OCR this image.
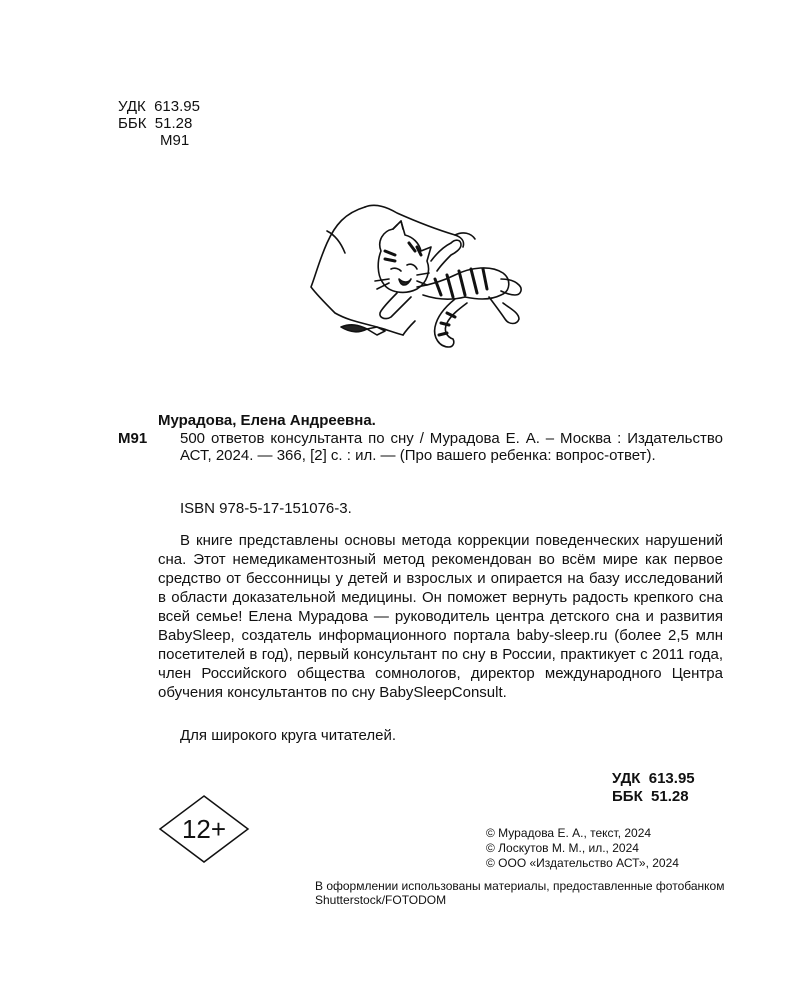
УДК  613.95
ББК  51.28
М91
Мурадова, Елена Андреевна.
М91 500 ответов консультанта по сну / Мурадова Е. А. – Москва : Издательство АСТ, 2024. — 366, [2] с. : ил. — (Про вашего ребенка: вопрос-ответ).
ISBN 978-5-17-151076-3.
В книге представлены основы метода коррекции поведенческих нарушений сна. Этот немедикаментозный метод рекомендован во всём мире как первое средство от бессонницы у детей и взрослых и опирается на базу исследований в области доказательной медицины. Он поможет вернуть радость крепкого сна всей семье! Елена Мурадова — руководитель центра детского сна и развития BabySleep, создатель информационного портала baby-sleep.ru (более 2,5 млн посетителей в год), первый консультант по сну в России, практикует с 2011 года, член Российского общества сомнологов, директор международного Центра обучения консультантов по сну BabySleepConsult.
Для широкого круга читателей.
УДК  613.95
ББК  51.28
12+	© Мурадова Е. А., текст, 2024
© Лоскутов М. М., ил., 2024
© ООО «Издательство АСТ», 2024
В оформлении использованы материалы, предоставленные фотобанком Shutterstock/FOTODOM
